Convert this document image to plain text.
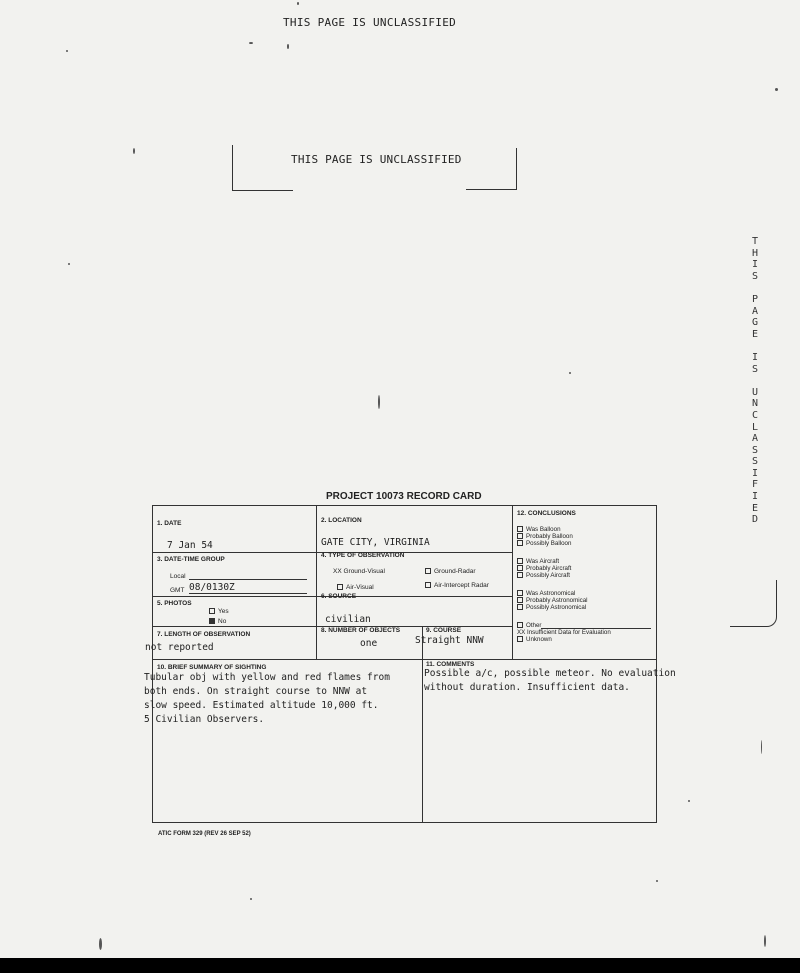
THIS PAGE IS UNCLASSIFIED
THIS PAGE IS UNCLASSIFIED
T
H
I
S

P
A
G
E

I
S

U
N
C
L
A
S
S
I
F
I
E
D
PROJECT 10073 RECORD CARD
1. DATE
7 Jan 54
2. LOCATION
GATE CITY, VIRGINIA
3. DATE-TIME GROUP
Local
GMT 08/0130Z
4. TYPE OF OBSERVATION
XX Ground-Visual	Ground-Radar
Air-Visual	Air-Intercept Radar
5. PHOTOS
Yes
No
6. SOURCE
civilian
7. LENGTH OF OBSERVATION
not reported
8. NUMBER OF OBJECTS
one
9. COURSE
Straight NNW
10. BRIEF SUMMARY OF SIGHTING
Tubular obj with yellow and red flames from
both ends. On straight course to NNW at
slow speed. Estimated altitude 10,000 ft.
5 Civilian Observers.
11. COMMENTS
Possible a/c, possible meteor. No evaluation
without duration. Insufficient data.
12. CONCLUSIONS
Was Balloon
Probably Balloon
Possibly Balloon
Was Aircraft
Probably Aircraft
Possibly Aircraft
Was Astronomical
Probably Astronomical
Possibly Astronomical
Other
XX Insufficient Data for Evaluation
Unknown
ATIC FORM 329 (REV 26 SEP 52)
